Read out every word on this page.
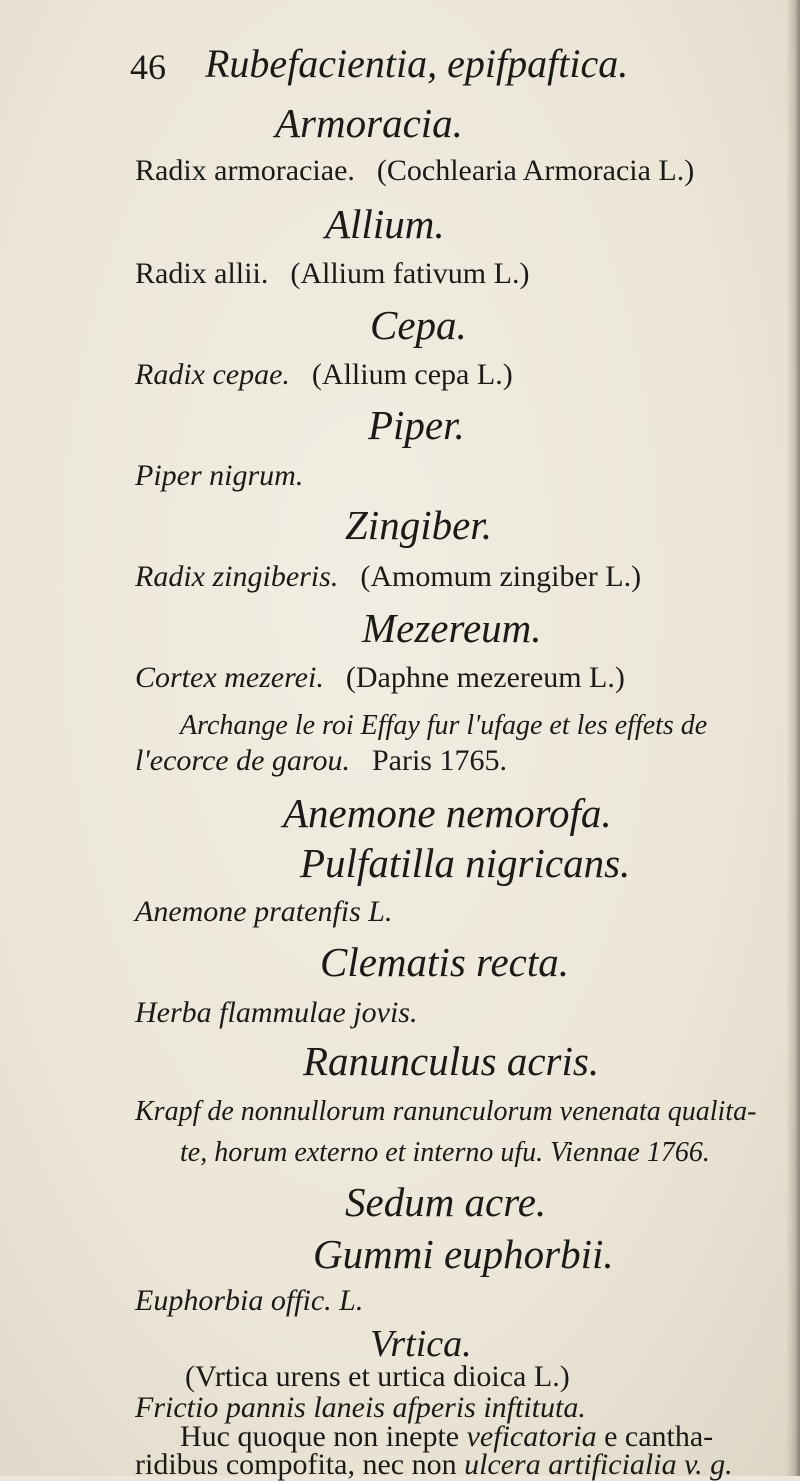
46 Rubefacientia, epifpaftica.
Armoracia.
Radix armoraciae. (Cochlearia Armoracia L.)
Allium.
Radix allii. (Allium fativum L.)
Cepa.
Radix cepae. (Allium cepa L.)
Piper.
Piper nigrum.
Zingiber.
Radix zingiberis. (Amomum zingiber L.)
Mezereum.
Cortex mezerei. (Daphne mezereum L.)
Archange le roi Effay fur l'ufage et les effets de
l'ecorce de garou. Paris 1765.
Anemone nemorofa.
Pulfatilla nigricans.
Anemone pratenfis L.
Clematis recta.
Herba flammulae jovis.
Ranunculus acris.
Krapf de nonnullorum ranunculorum venenata qualita-
te, horum externo et interno ufu. Viennae 1766.
Sedum acre.
Gummi euphorbii.
Euphorbia offic. L.
Vrtica.
(Vrtica urens et urtica dioica L.)
Frictio pannis laneis afperis inftituta.
Huc quoque non inepte veficatoria e cantha-
ridibus compofita, nec non ulcera artificialia v. g.
